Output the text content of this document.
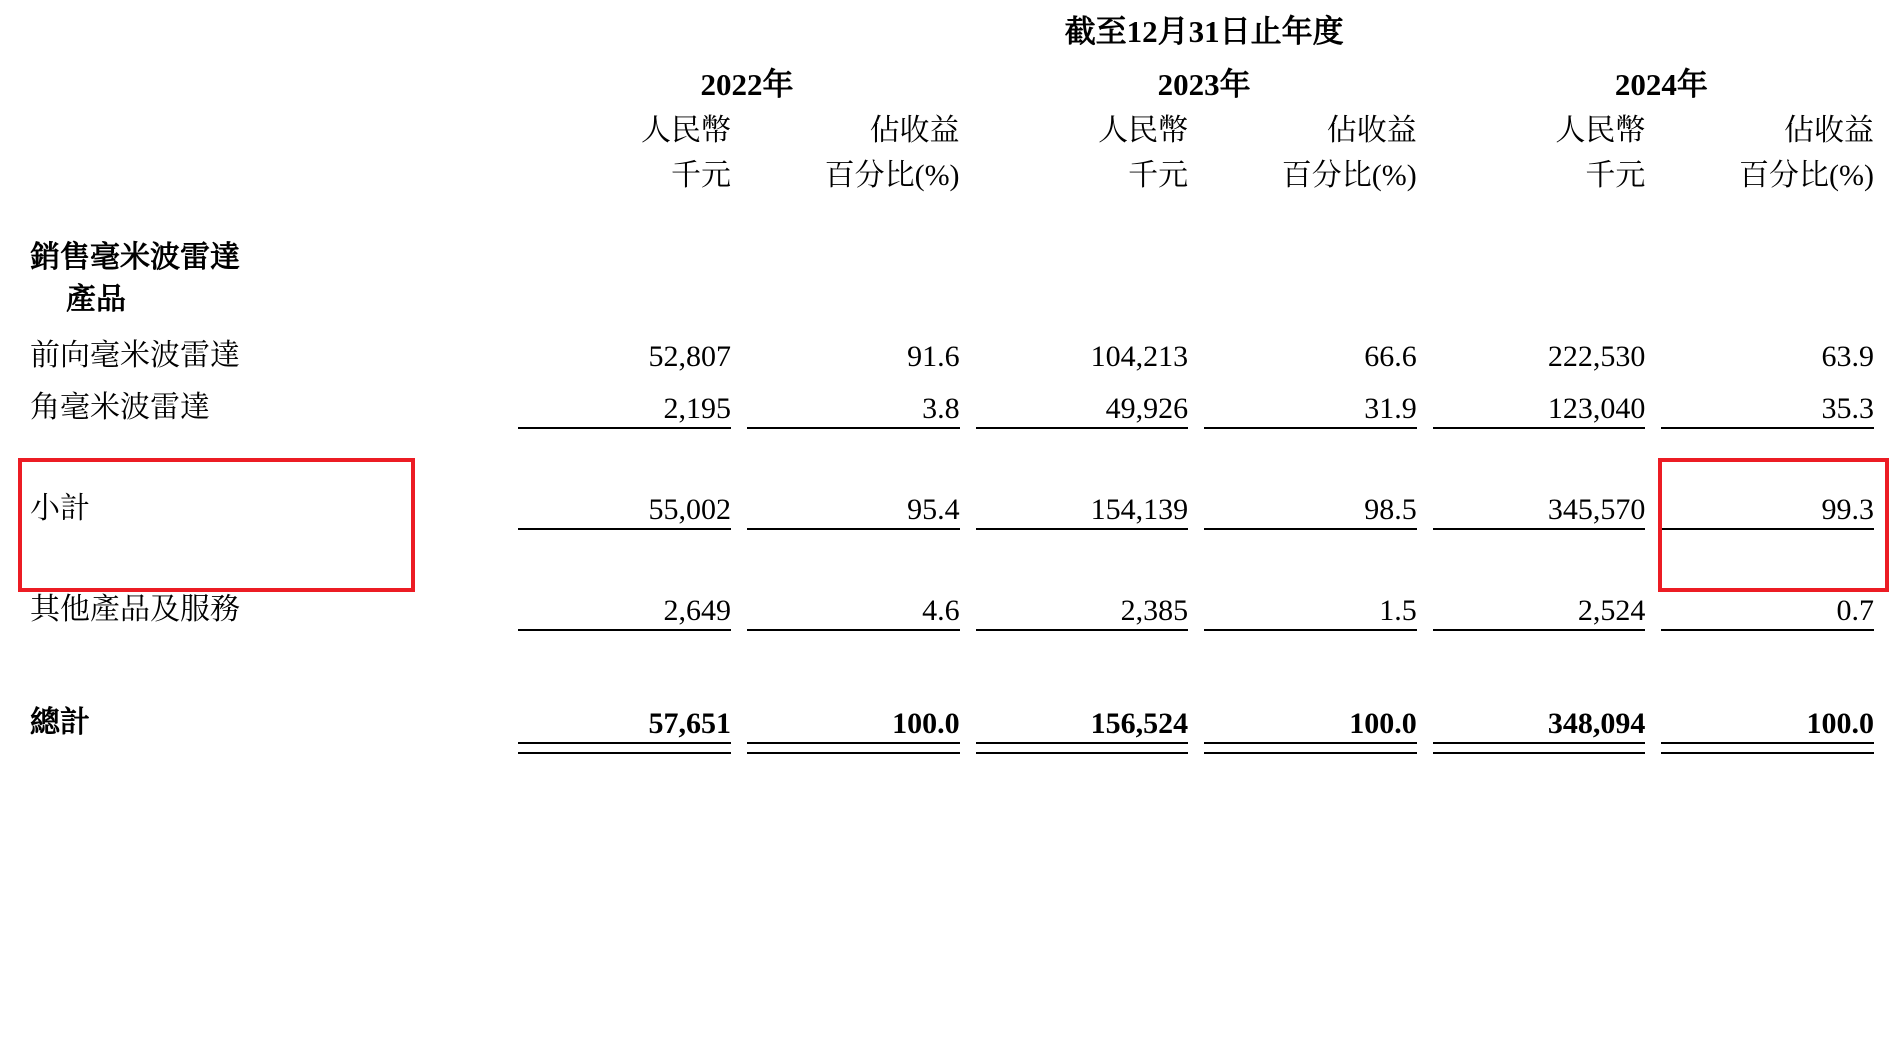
	截至12月31日止年度					
	2022年		2023年		2024年	
	人民幣	佔收益	人民幣	佔收益	人民幣	佔收益
	千元	百分比(%)	千元	百分比(%)	千元	百分比(%)
銷售毫米波雷達						
產品						
前向毫米波雷達	52,807	91.6	104,213	66.6	222,530	63.9
角毫米波雷達	2,195	3.8	49,926	31.9	123,040	35.3

小計	55,002	95.4	154,139	98.5	345,570	99.3

其他產品及服務	2,649	4.6	2,385	1.5	2,524	0.7

總計	57,651	100.0	156,524	100.0	348,094	100.0
